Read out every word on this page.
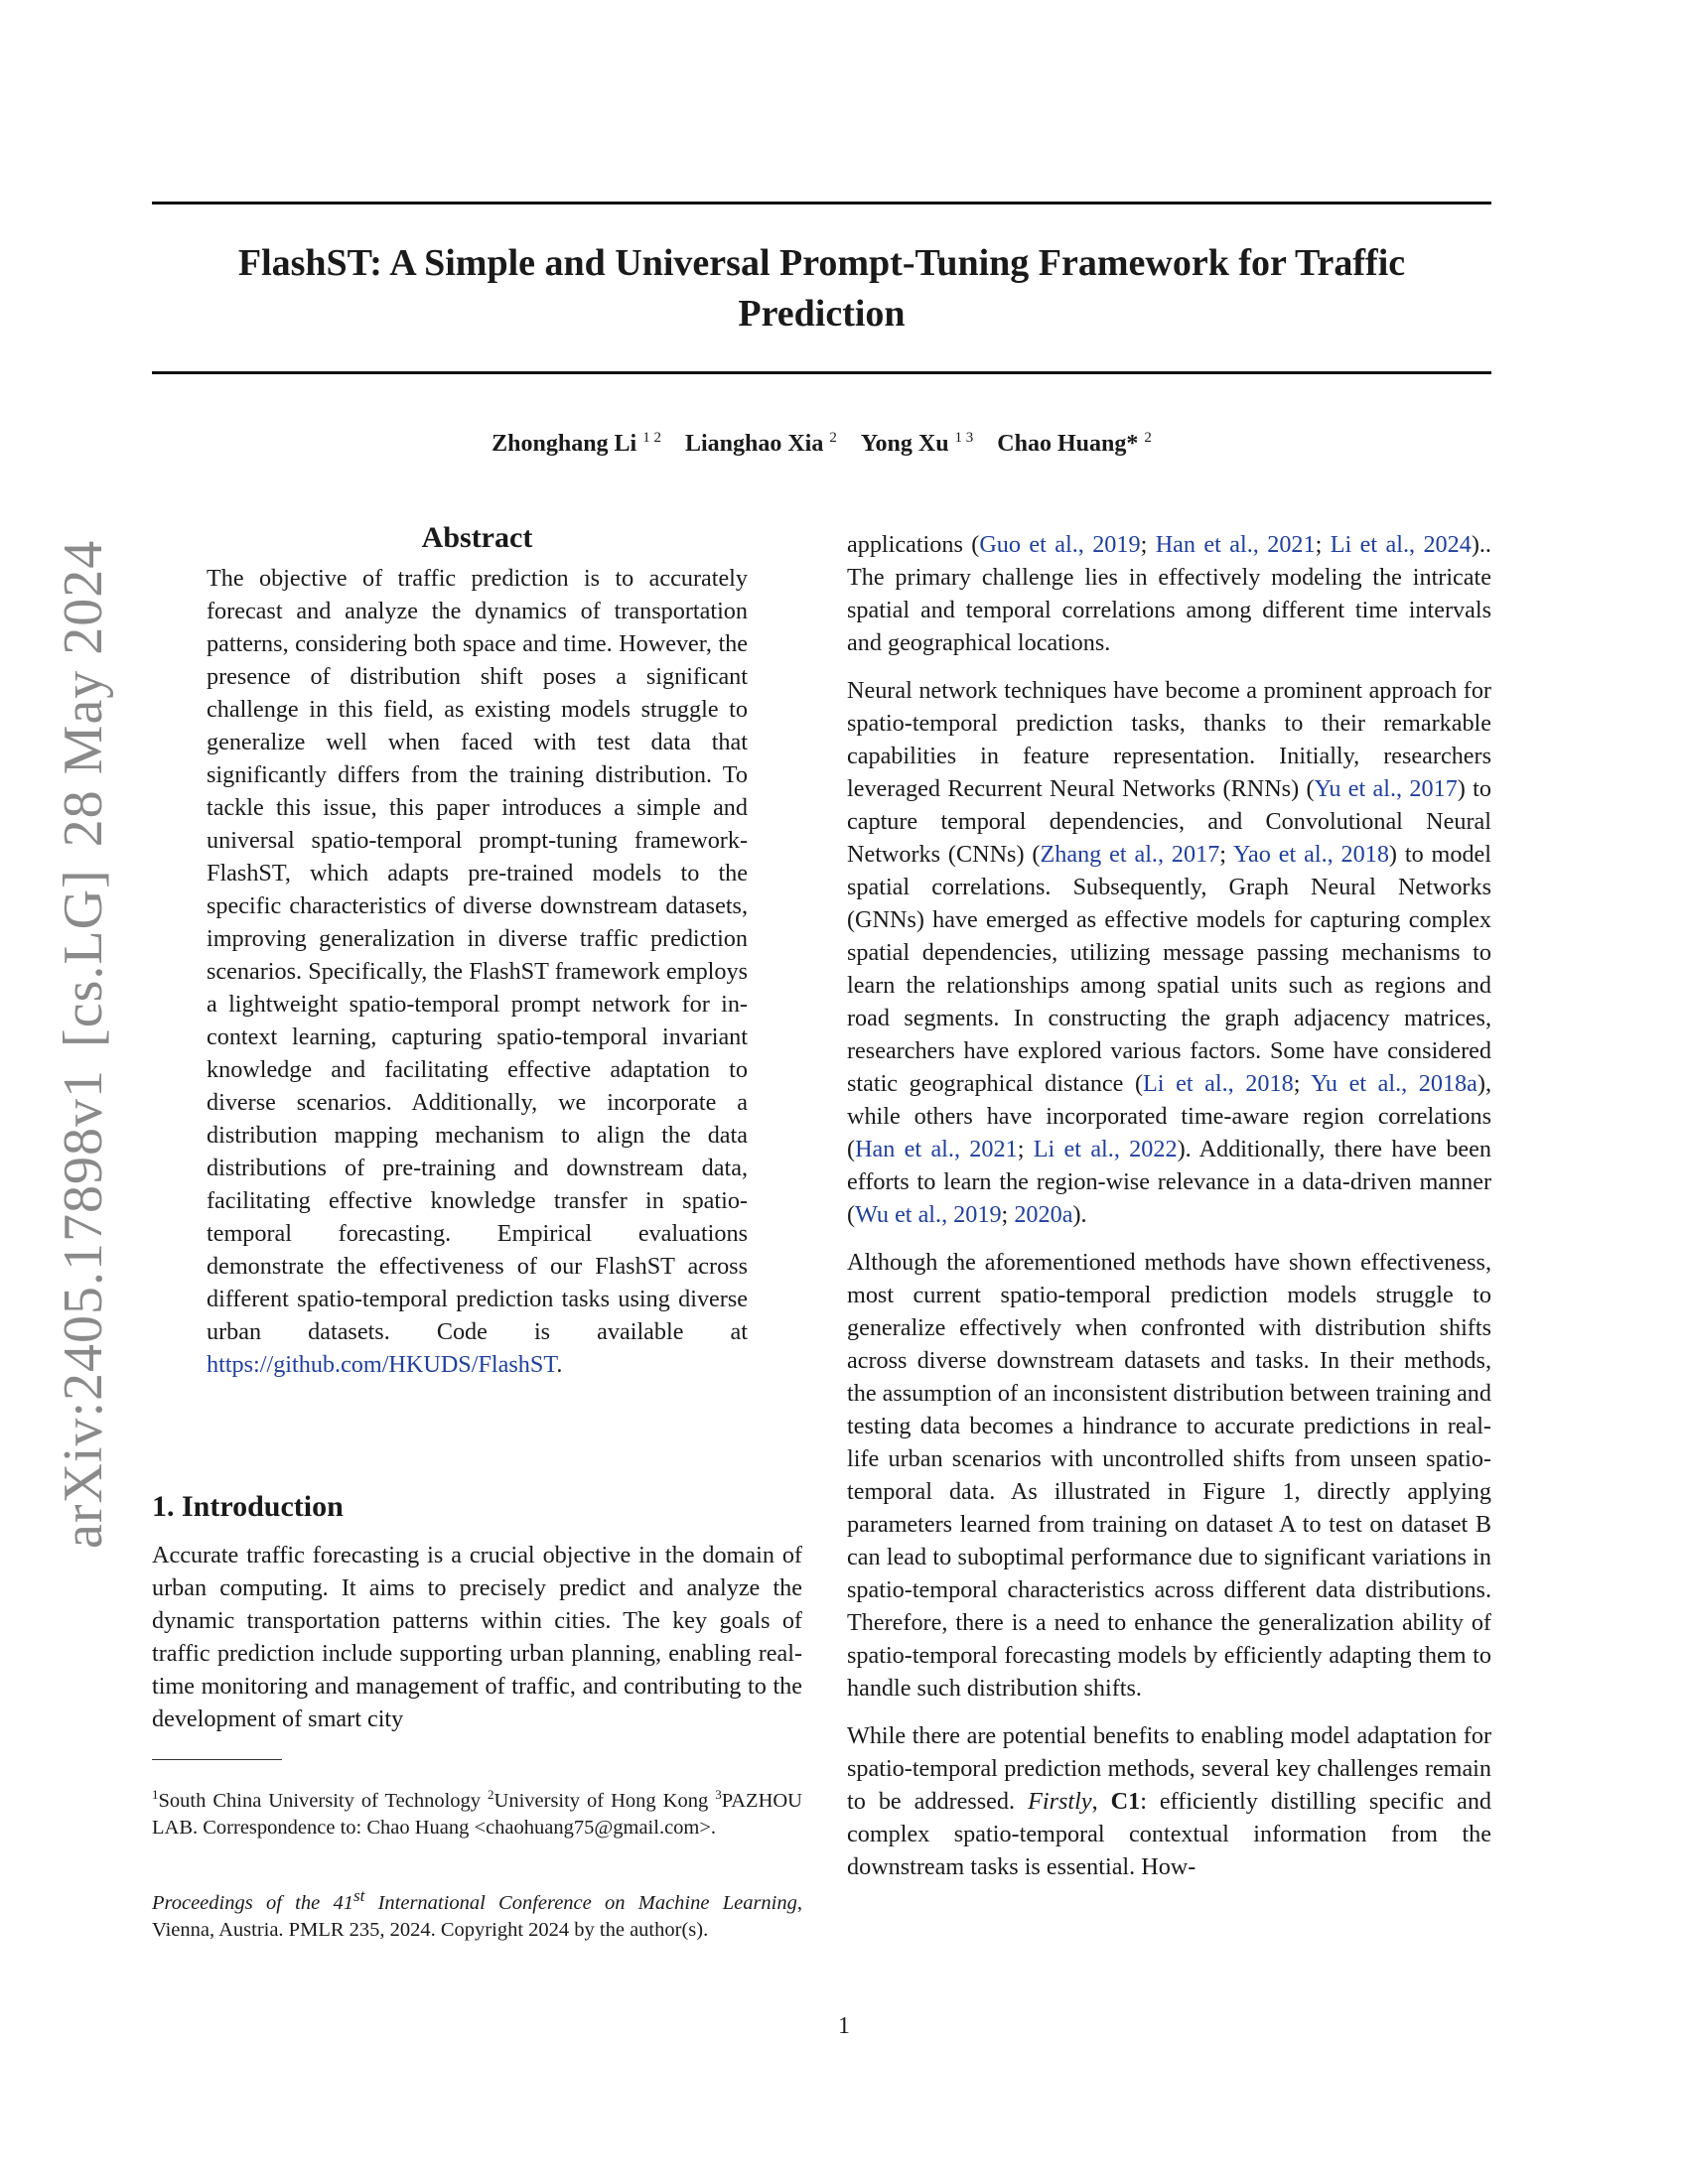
FlashST: A Simple and Universal Prompt-Tuning Framework for Traffic Prediction
Zhonghang Li $^{1 2}$ Lianghao Xia $^2$ Yong Xu $^{1 3}$ Chao Huang* $^2$
arXiv:2405.17898v1[cs.LG]28 May 2024
Abstract
The objective of traffic prediction is to accurately forecast and analyze the dynamics of transportation patterns, considering both space and time. However, the presence of distribution shift poses a significant challenge in this field, as existing models struggle to generalize well when faced with test data that significantly differs from the training distribution. To tackle this issue, this paper introduces a simple and universal spatio-temporal prompt-tuning framework-FlashST, which adapts pre-trained models to the specific characteristics of diverse downstream datasets, improving generalization in diverse traffic prediction scenarios. Specifically, the FlashST framework employs a lightweight spatio-temporal prompt network for in-context learning, capturing spatio-temporal invariant knowledge and facilitating effective adaptation to diverse scenarios. Additionally, we incorporate a distribution mapping mechanism to align the data distributions of pre-training and downstream data, facilitating effective knowledge transfer in spatio-temporal forecasting. Empirical evaluations demonstrate the effectiveness of our FlashST across different spatio-temporal prediction tasks using diverse urban datasets. Code is available at https://github.com/HKUDS/FlashST.
1. Introduction

Accurate traffic forecasting is a crucial objective in the domain of urban computing. It aims to precisely predict and analyze the dynamic transportation patterns within cities. The key goals of traffic prediction include supporting urban planning, enabling real-time monitoring and management of traffic, and contributing to the development of smart city

$^1$South China University of Technology $^2$University of Hong Kong $^3$PAZHOU LAB. Correspondence to: Chao Huang <chaohuang75@gmail.com>.
Proceedings of the 41st International Conference on Machine Learning, Vienna, Austria. PMLR 235, 2024. Copyright 2024 by the author(s).

applications (Guo et al., 2019; Han et al., 2021; Li et al., 2024).. The primary challenge lies in effectively modeling the intricate spatial and temporal correlations among different time intervals and geographical locations.

Neural network techniques have become a prominent approach for spatio-temporal prediction tasks, thanks to their remarkable capabilities in feature representation. Initially, researchers leveraged Recurrent Neural Networks (RNNs) (Yu et al., 2017) to capture temporal dependencies, and Convolutional Neural Networks (CNNs) (Zhang et al., 2017; Yao et al., 2018) to model spatial correlations. Subsequently, Graph Neural Networks (GNNs) have emerged as effective models for capturing complex spatial dependencies, utilizing message passing mechanisms to learn the relationships among spatial units such as regions and road segments. In constructing the graph adjacency matrices, researchers have explored various factors. Some have considered static geographical distance (Li et al., 2018; Yu et al., 2018a), while others have incorporated time-aware region correlations (Han et al., 2021; Li et al., 2022). Additionally, there have been efforts to learn the region-wise relevance in a data-driven manner (Wu et al., 2019; 2020a).

Although the aforementioned methods have shown effectiveness, most current spatio-temporal prediction models struggle to generalize effectively when confronted with distribution shifts across diverse downstream datasets and tasks. In their methods, the assumption of an inconsistent distribution between training and testing data becomes a hindrance to accurate predictions in real-life urban scenarios with uncontrolled shifts from unseen spatio-temporal data. As illustrated in Figure 1, directly applying parameters learned from training on dataset A to test on dataset B can lead to suboptimal performance due to significant variations in spatio-temporal characteristics across different data distributions. Therefore, there is a need to enhance the generalization ability of spatio-temporal forecasting models by efficiently adapting them to handle such distribution shifts.

While there are potential benefits to enabling model adaptation for spatio-temporal prediction methods, several key challenges remain to be addressed. Firstly, C1: efficiently distilling specific and complex spatio-temporal contextual information from the downstream tasks is essential. How-

1
